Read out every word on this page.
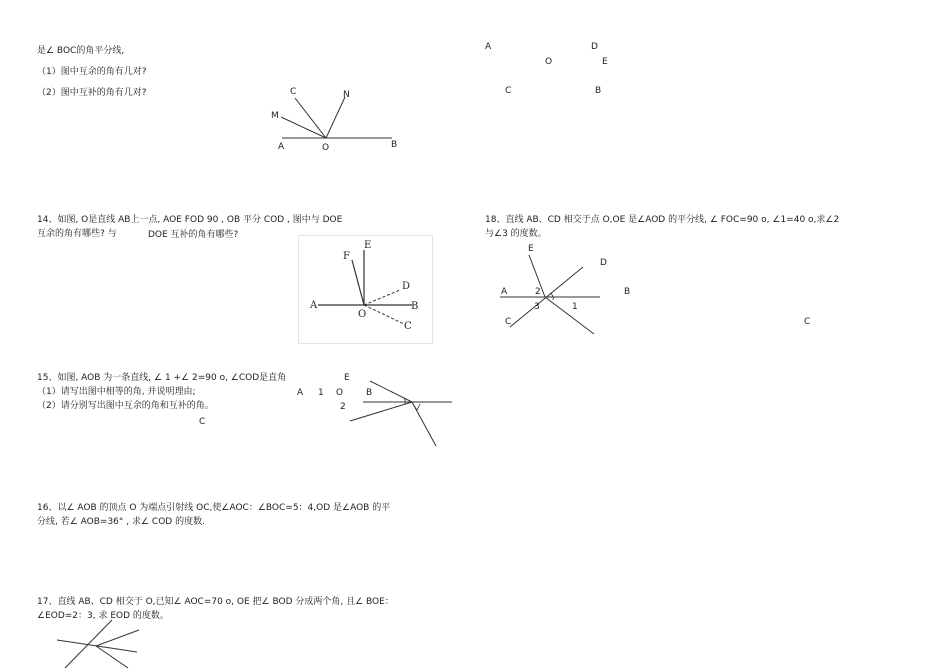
是∠ BOC的角平分线,
（1）图中互余的角有几对?
（2）图中互补的角有几对?	C	N
M
A	O	B
A	D
O	E
C	B
14、如图, O是直线 AB上一点, AOE FOD 90 , OB 平分 COD , 图中与 DOE
互余的角有哪些? 与	DOE 互补的角有哪些?
E
F
D
A	B
O
C
18、直线 AB、CD 相交于点 O,OE 是∠AOD 的平分线, ∠ FOC=90 o, ∠1=40 o,求∠2
与∠3 的度数。
E
D
A	2	B
3	1
C	C
15、如图, AOB 为一条直线, ∠ 1 +∠ 2=90 o, ∠COD是直角
（1）请写出图中相等的角, 并说明理由;
（2）请分别写出图中互余的角和互补的角。
E
A 1 O	B
2
C
16、以∠ AOB 的顶点 O 为端点引射线 OC,使∠AOC：∠BOC=5：4,OD 是∠AOB 的平
分线, 若∠ AOB=36° , 求∠ COD 的度数.
17、直线 AB、CD 相交于 O,已知∠ AOC=70 o, OE 把∠ BOD 分成两个角, 且∠ BOE：
∠EOD=2：3, 求 EOD 的度数。
